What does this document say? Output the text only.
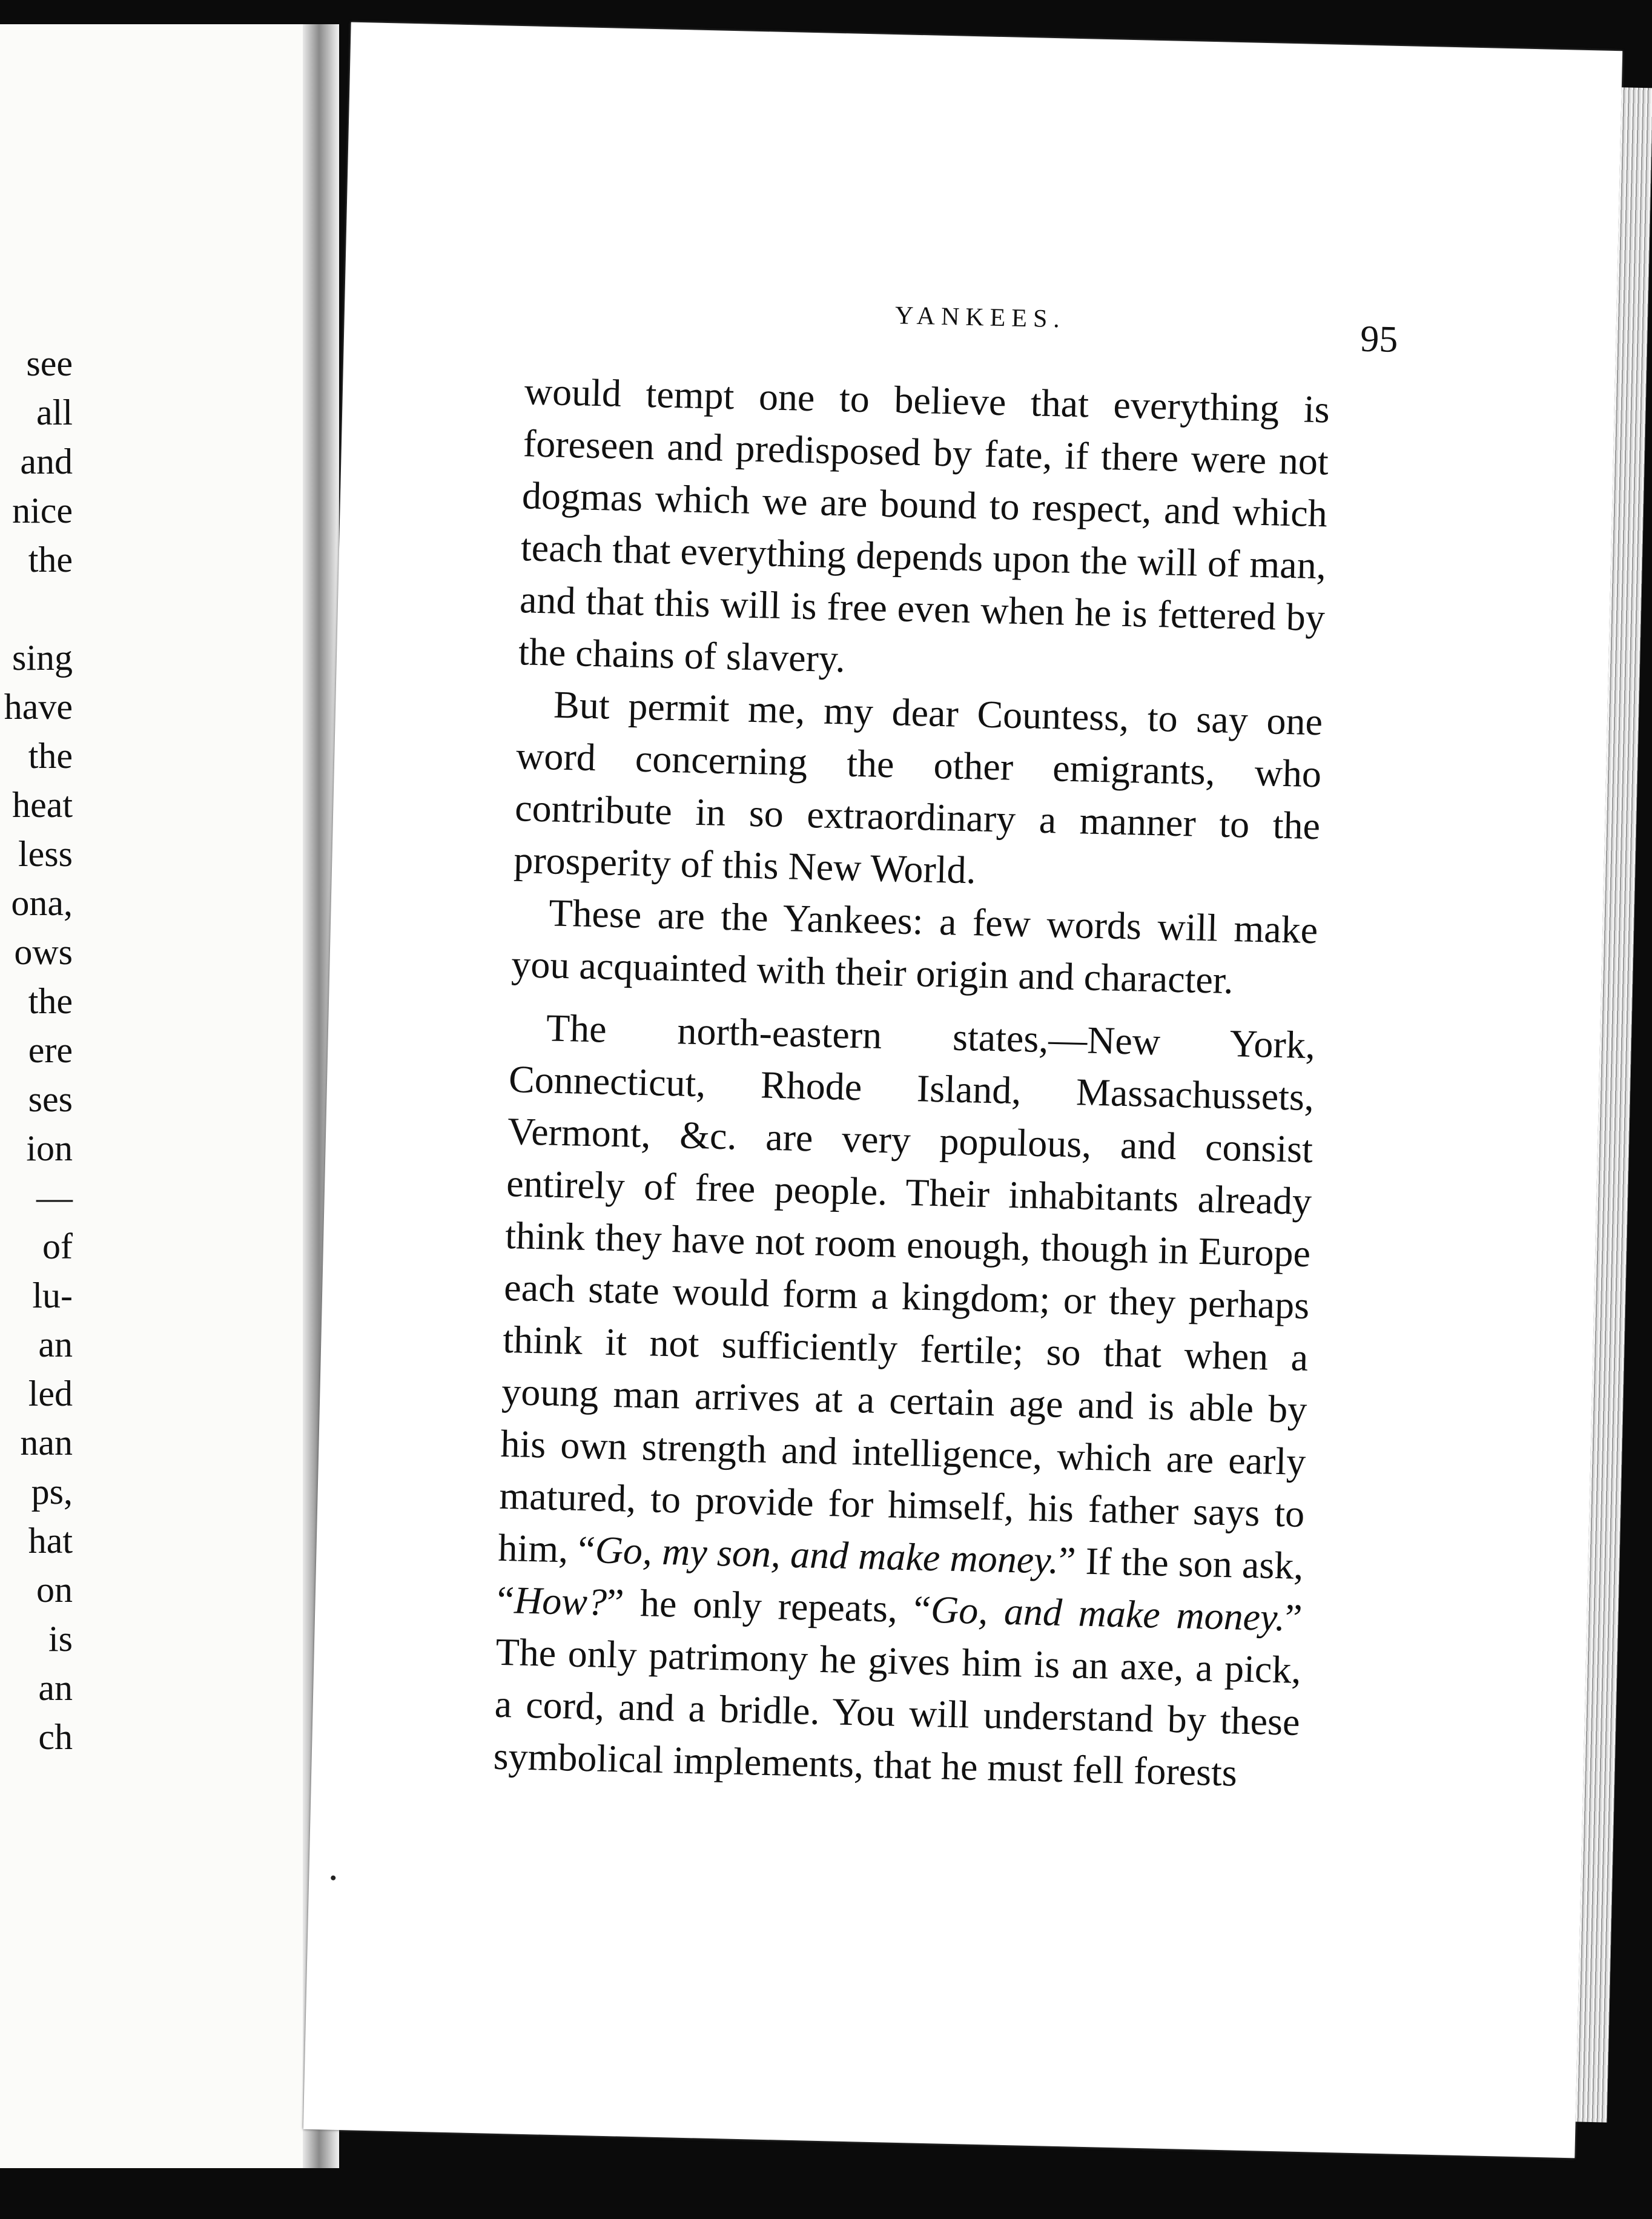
see
all
and
nice
the
sing
have
the
heat
less
ona,
ows
the
ere
ses
ion
—
of
lu-
an
led
nan
ps,
hat
on
is
an
ch
YANKEES.
95

would tempt one to believe that everything is foreseen and predisposed by fate, if there were not dogmas which we are bound to respect, and which teach that everything depends upon the will of man, and that this will is free even when he is fettered by the chains of slavery.

But permit me, my dear Countess, to say one word concerning the other emigrants, who contribute in so extraordinary a manner to the prosperity of this New World.

These are the Yankees: a few words will make you acquainted with their origin and character.

The north-eastern states,—New York, Connecticut, Rhode Island, Massachussets, Vermont, &c. are very populous, and consist entirely of free people. Their inhabitants already think they have not room enough, though in Europe each state would form a kingdom; or they perhaps think it not sufficiently fertile; so that when a young man arrives at a certain age and is able by his own strength and intelligence, which are early matured, to provide for himself, his father says to him, “Go, my son, and make money.” If the son ask, “How?” he only repeats, “Go, and make money.” The only patrimony he gives him is an axe, a pick, a cord, and a bridle. You will understand by these symbolical implements, that he must fell forests
